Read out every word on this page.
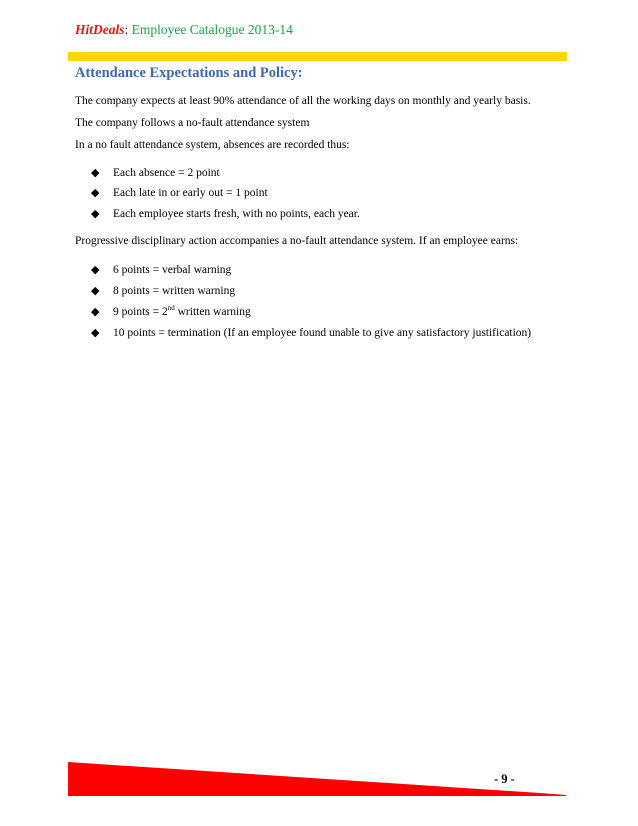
HitDeals: Employee Catalogue 2013-14
Attendance Expectations and Policy:
The company expects at least 90% attendance of all the working days on monthly and yearly basis.
The company follows a no-fault attendance system
In a no fault attendance system, absences are recorded thus:
◆ Each absence = 2 point
◆ Each late in or early out = 1 point
◆ Each employee starts fresh, with no points, each year.
Progressive disciplinary action accompanies a no-fault attendance system. If an employee earns:
◆ 6 points = verbal warning
◆ 8 points = written warning
◆ 9 points = 2nd written warning
◆ 10 points = termination (If an employee found unable to give any satisfactory justification)
- 9 -
